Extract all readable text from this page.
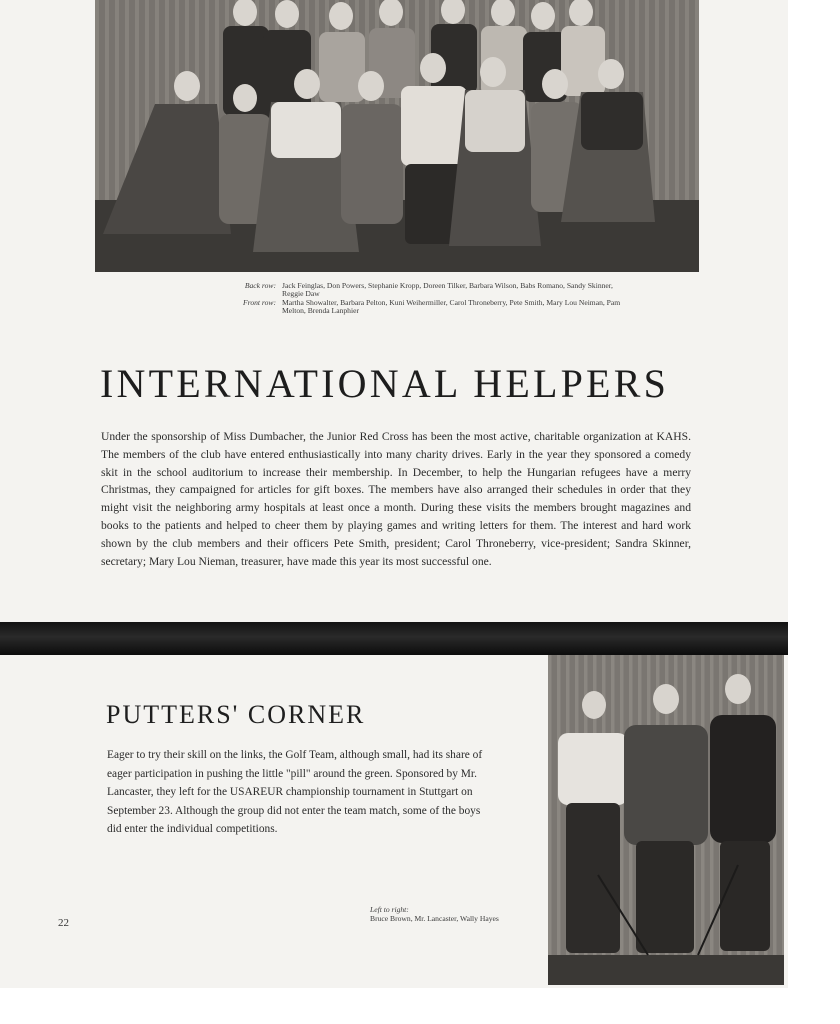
Back row: Jack Feinglas, Don Powers, Stephanie Kropp, Doreen Tilker, Barbara Wilson, Babs Romano, Sandy Skinner, Reggie Daw
Front row: Martha Showalter, Barbara Pelton, Kuni Weihermiller, Carol Throneberry, Pete Smith, Mary Lou Neiman, Pam Melton, Brenda Lanphier
INTERNATIONAL HELPERS
Under the sponsorship of Miss Dumbacher, the Junior Red Cross has been the most active, charitable organization at KAHS. The members of the club have entered enthusiastically into many charity drives. Early in the year they sponsored a comedy skit in the school auditorium to increase their membership. In December, to help the Hungarian refugees have a merry Christmas, they campaigned for articles for gift boxes. The members have also arranged their schedules in order that they might visit the neighboring army hospitals at least once a month. During these visits the members brought magazines and books to the patients and helped to cheer them by playing games and writing letters for them. The interest and hard work shown by the club members and their officers Pete Smith, president; Carol Throneberry, vice-president; Sandra Skinner, secretary; Mary Lou Nieman, treasurer, have made this year its most successful one.
PUTTERS' CORNER
Eager to try their skill on the links, the Golf Team, although small, had its share of eager participation in pushing the little "pill" around the green. Sponsored by Mr. Lancaster, they left for the USAREUR championship tournament in Stuttgart on September 23. Although the group did not enter the team match, some of the boys did enter the individual competitions.
22
Left to right:
Bruce Brown, Mr. Lancaster, Wally Hayes
